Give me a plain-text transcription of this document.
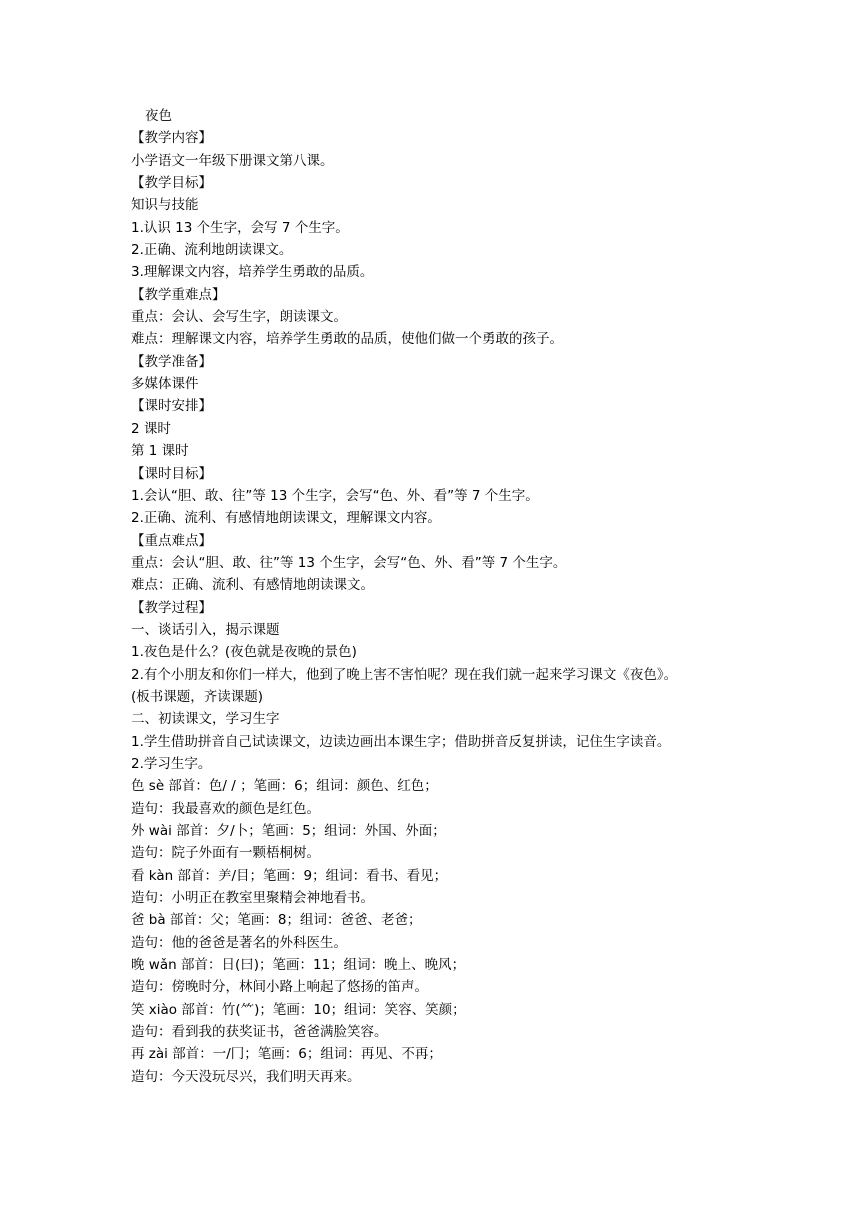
夜色
【教学内容】
小学语文一年级下册课文第八课。
【教学目标】
知识与技能
1.认识 13 个生字，会写 7 个生字。
2.正确、流利地朗读课文。
3.理解课文内容，培养学生勇敢的品质。
【教学重难点】
重点：会认、会写生字，朗读课文。
难点：理解课文内容，培养学生勇敢的品质，使他们做一个勇敢的孩子。
【教学准备】
多媒体课件
【课时安排】
2 课时
第 1 课时
【课时目标】
1.会认“胆、敢、往”等 13 个生字，会写“色、外、看”等 7 个生字。
2.正确、流利、有感情地朗读课文，理解课文内容。
【重点难点】
重点：会认“胆、敢、往”等 13 个生字，会写“色、外、看”等 7 个生字。
难点：正确、流利、有感情地朗读课文。
【教学过程】
一、谈话引入，揭示课题
1.夜色是什么？(夜色就是夜晚的景色)
2.有个小朋友和你们一样大，他到了晚上害不害怕呢？现在我们就一起来学习课文《夜色》。
(板书课题，齐读课题)
二、初读课文，学习生字
1.学生借助拼音自己试读课文，边读边画出本课生字；借助拼音反复拼读，记住生字读音。
2.学习生字。
色 sè 部首：色/ / ；笔画：6；组词：颜色、红色；
造句：我最喜欢的颜色是红色。
外 wài 部首：夕/卜；笔画：5；组词：外国、外面；
造句：院子外面有一颗梧桐树。
看 kàn 部首：⺶/目；笔画：9；组词：看书、看见；
造句：小明正在教室里聚精会神地看书。
爸 bà 部首：父；笔画：8；组词：爸爸、老爸；
造句：他的爸爸是著名的外科医生。
晚 wǎn 部首：日(曰)；笔画：11；组词：晚上、晚风；
造句：傍晚时分，林间小路上响起了悠扬的笛声。
笑 xiào 部首：竹(⺮)；笔画：10；组词：笑容、笑颜；
造句：看到我的获奖证书，爸爸满脸笑容。
再 zài 部首：一/冂；笔画：6；组词：再见、不再；
造句：今天没玩尽兴，我们明天再来。
